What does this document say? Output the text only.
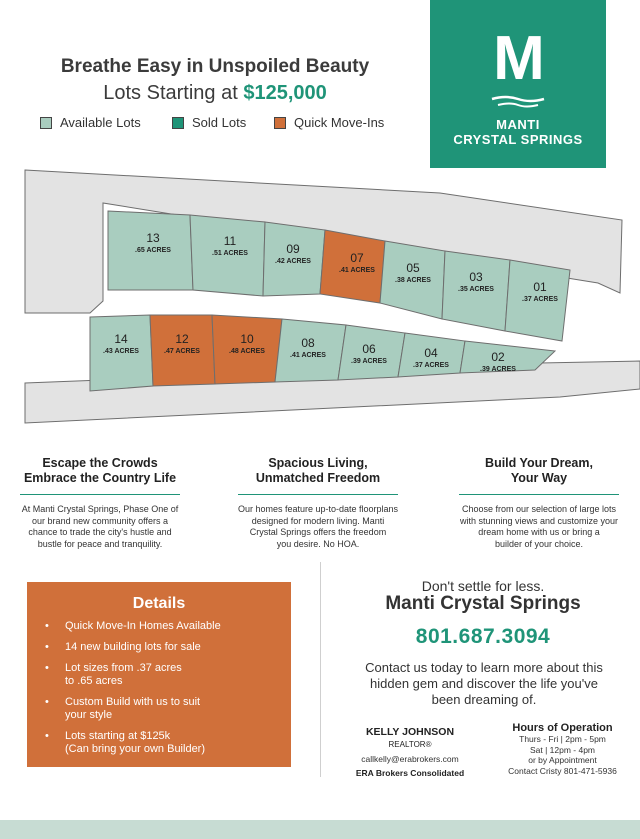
Breathe Easy in Unspoiled Beauty
Lots Starting at $125,000
Available Lots	Sold Lots	Quick Move-Ins
M
MANTI
CRYSTAL SPRINGS
13
.65 ACRES
11
.51 ACRES	09
.42 ACRES	07
.41 ACRES	05
.38 ACRES	03
.35 ACRES	01
.37 ACRES
14
.43 ACRES
12
.47 ACRES
10
.48 ACRES
08
.41 ACRES	06
.39 ACRES
04
.37 ACRES
02
.39 ACRES
Escape the Crowds
Embrace the Country Life

At Manti Crystal Springs, Phase One of
our brand new community offers a
chance to trade the city's hustle and
bustle for peace and tranquility.

Spacious Living,
Unmatched Freedom

Our homes feature up-to-date floorplans
designed for modern living. Manti
Crystal Springs offers the freedom
you desire. No HOA.

Build Your Dream,
Your Way

Choose from our selection of large lots
with stunning views and customize your
dream home with us or bring a
builder of your choice.

Details
•	Quick Move-In Homes Available
•	14 new building lots for sale
•	Lot sizes from .37 acres
to .65 acres
•	Custom Build with us to suit
your style
•	Lots starting at $125k
(Can bring your own Builder)
Don't settle for less.
Manti Crystal Springs
801.687.3094
Contact us today to learn more about this
hidden gem and discover the life you've
been dreaming of.
KELLY JOHNSON
REALTOR®
callkelly@erabrokers.com
ERA Brokers Consolidated
Hours of Operation
Thurs - Fri | 2pm - 5pm
Sat | 12pm - 4pm
or by Appointment
Contact Cristy 801-471-5936
